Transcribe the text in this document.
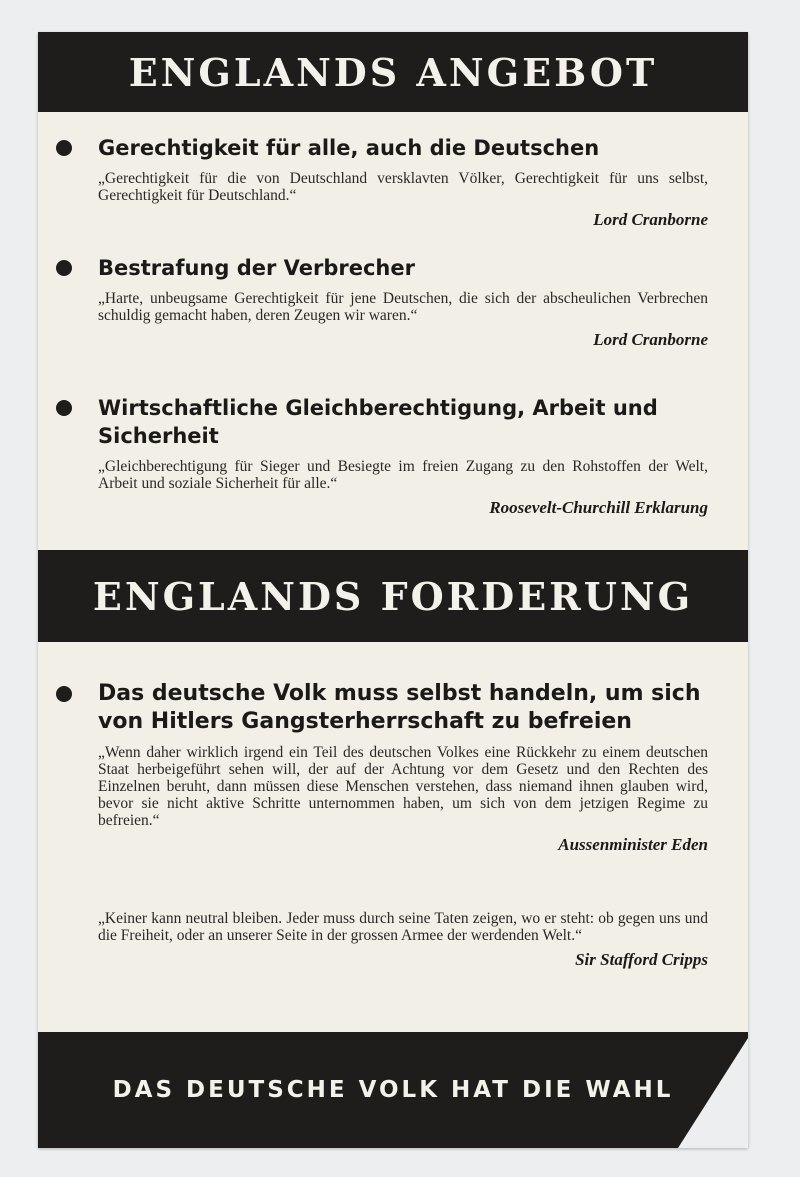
ENGLANDS ANGEBOT
Gerechtigkeit für alle, auch die Deutschen
„Gerechtigkeit für die von Deutschland versklavten Völker, Gerechtigkeit für uns selbst, Gerechtigkeit für Deutschland.“
Lord Cranborne
Bestrafung der Verbrecher
„Harte, unbeugsame Gerechtigkeit für jene Deutschen, die sich der abscheulichen Verbrechen schuldig gemacht haben, deren Zeugen wir waren.“
Lord Cranborne
Wirtschaftliche Gleichberechtigung, Arbeit und Sicherheit
„Gleichberechtigung für Sieger und Besiegte im freien Zugang zu den Rohstoffen der Welt, Arbeit und soziale Sicherheit für alle.“
Roosevelt-Churchill Erklarung
ENGLANDS FORDERUNG
Das deutsche Volk muss selbst handeln, um sich von Hitlers Gangsterherrschaft zu befreien
„Wenn daher wirklich irgend ein Teil des deutschen Volkes eine Rückkehr zu einem deutschen Staat herbeigeführt sehen will, der auf der Achtung vor dem Gesetz und den Rechten des Einzelnen beruht, dann müssen diese Menschen verstehen, dass niemand ihnen glauben wird, bevor sie nicht aktive Schritte unternommen haben, um sich von dem jetzigen Regime zu befreien.“
Aussenminister Eden
„Keiner kann neutral bleiben. Jeder muss durch seine Taten zeigen, wo er steht: ob gegen uns und die Freiheit, oder an unserer Seite in der grossen Armee der werdenden Welt.“
Sir Stafford Cripps
DAS DEUTSCHE VOLK HAT DIE WAHL
